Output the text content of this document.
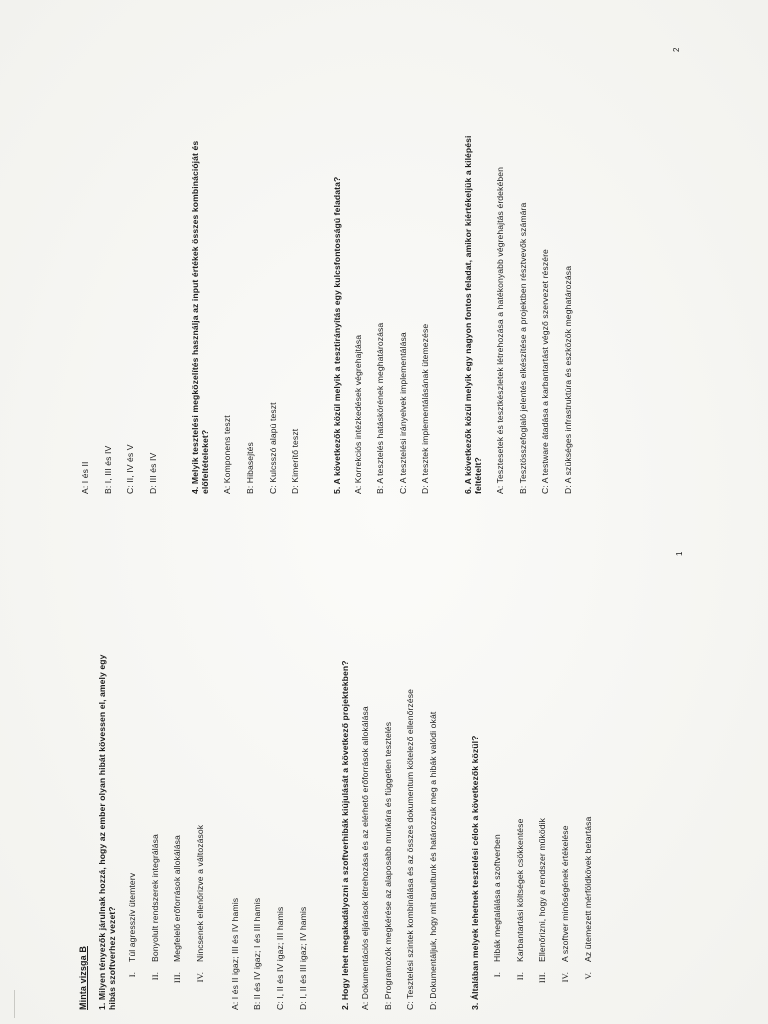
Minta vizsga B 1. Milyen tényezők járulnak hozzá, hogy az ember olyan hibát kövessen el, amely egy hibás szoftverhez vezet? I.Túl agresszív ütemterv
II.Bonyolult rendszerek integrálása
III.Megfelelő erőforrások allokálása
IV.Nincsenek ellenőrizve a változások	A: I és II igaz; III és IV hamis B: II és IV igaz; I és III hamis C: I, II és IV igaz; III hamis D: I, II és III igaz; IV hamis	2. Hogy lehet megakadályozni a szoftverhibák kiújulását a következő projektekben? A: Dokumentációs eljárások létrehozása és az elérhető erőforrások allokálása B: Programozók megkérése az alaposabb munkára és független tesztelés C: Tesztelési szintek kombinálása és az összes dokumentum kötelező ellenőrzése D: Dokumentáljuk, hogy mit tanultunk és határozzuk meg a hibák valódi okát	3. Általában melyek lehetnek tesztelési célok a következők közül? I.Hibák megtalálása a szoftverben
II.Karbantartási költségek csökkentése
III.Ellenőrizni, hogy a rendszer működik
IV.A szoftver minőségének értékelése
V.Az ütemezett mérföldkövek betartása
1
A: I és II B: I, III és IV C: II, IV és V D: III és IV	4. Melyik tesztelési megközelítés használja az input értékek összes kombinációját és előfeltételeket? A: Komponens teszt B: Hibasejtés C: Kulcsszó alapú teszt D: Kimerítő teszt	5. A következők közül melyik a tesztirányítás egy kulcsfontosságú feladata? A: Korrekciós intézkedések végrehajtása B: A tesztelés hatáskörének meghatározása C: A tesztelési irányelvek implementálása D: A tesztek implementálásának ütemezése	6. A következők közül melyik egy nagyon fontos feladat, amikor kiértékeljük a kilépési feltételt? A: Tesztesetek és tesztkészletek létrehozása a hatékonyabb végrehajtás érdekében B: Tesztösszefoglaló jelentés elkészítése a projektben résztvevők számára C: A testware átadása a karbantartást végző szervezet részére D: A szükséges infrastruktúra és eszközök meghatározása
2
